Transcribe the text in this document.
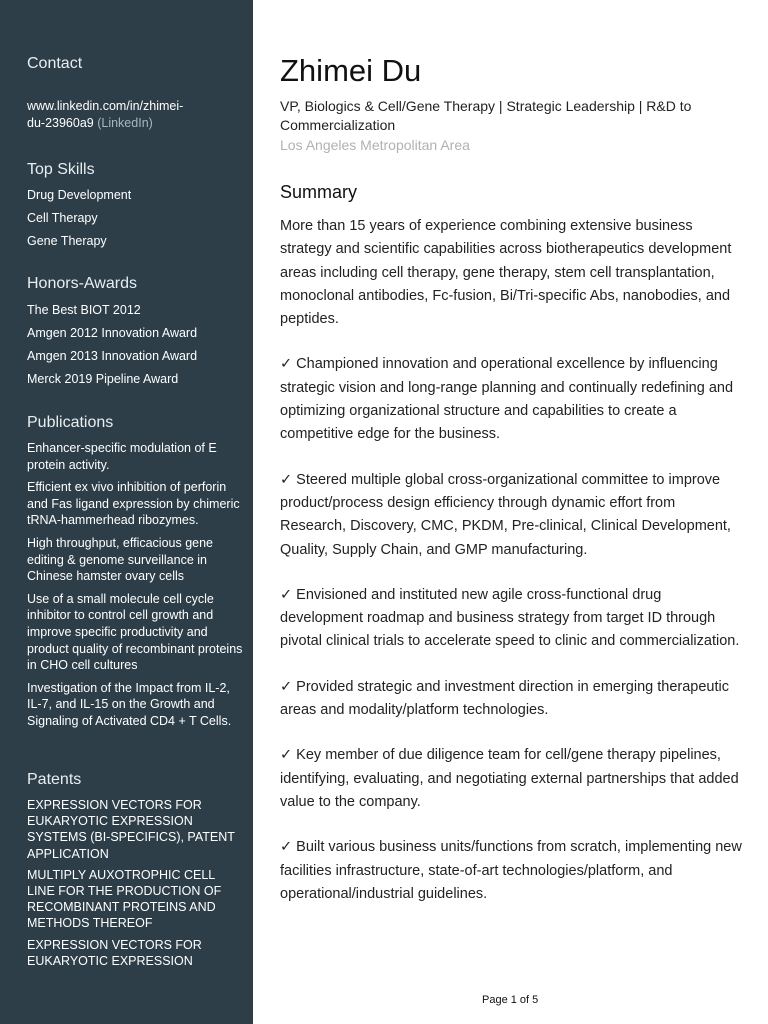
Contact
www.linkedin.com/in/zhimei-
du-23960a9 (LinkedIn)
Top Skills
Drug Development
Cell Therapy
Gene Therapy
Honors-Awards
The Best BIOT 2012
Amgen 2012 Innovation Award
Amgen 2013 Innovation Award
Merck 2019 Pipeline Award
Publications
Enhancer-specific modulation of E protein activity.
Efficient ex vivo inhibition of perforin and Fas ligand expression by chimeric tRNA-hammerhead ribozymes.
High throughput, efficacious gene editing & genome surveillance in Chinese hamster ovary cells
Use of a small molecule cell cycle inhibitor to control cell growth and improve specific productivity and product quality of recombinant proteins in CHO cell cultures
Investigation of the Impact from IL-2, IL-7, and IL-15 on the Growth and Signaling of Activated CD4 + T Cells.
Patents
EXPRESSION VECTORS FOR EUKARYOTIC EXPRESSION SYSTEMS (BI-SPECIFICS), PATENT APPLICATION
MULTIPLY AUXOTROPHIC CELL LINE FOR THE PRODUCTION OF RECOMBINANT PROTEINS AND METHODS THEREOF
EXPRESSION VECTORS FOR EUKARYOTIC EXPRESSION
Zhimei Du
VP, Biologics & Cell/Gene Therapy | Strategic Leadership | R&D to Commercialization
Los Angeles Metropolitan Area
Summary

More than 15 years of experience combining extensive business strategy and scientific capabilities across biotherapeutics development areas including cell therapy, gene therapy, stem cell transplantation, monoclonal antibodies, Fc-fusion, Bi/Tri-specific Abs, nanobodies, and peptides.

✓ Championed innovation and operational excellence by influencing strategic vision and long-range planning and continually redefining and optimizing organizational structure and capabilities to create a competitive edge for the business.

✓ Steered multiple global cross-organizational committee to improve product/process design efficiency through dynamic effort from Research, Discovery, CMC, PKDM, Pre-clinical, Clinical Development, Quality, Supply Chain, and GMP manufacturing.

✓ Envisioned and instituted new agile cross-functional drug development roadmap and business strategy from target ID through pivotal clinical trials to accelerate speed to clinic and commercialization.

✓ Provided strategic and investment direction in emerging therapeutic areas and modality/platform technologies.

✓ Key member of due diligence team for cell/gene therapy pipelines, identifying, evaluating, and negotiating external partnerships that added value to the company.

✓ Built various business units/functions from scratch, implementing new facilities infrastructure, state-of-art technologies/platform, and operational/industrial guidelines.

Page 1 of 5
